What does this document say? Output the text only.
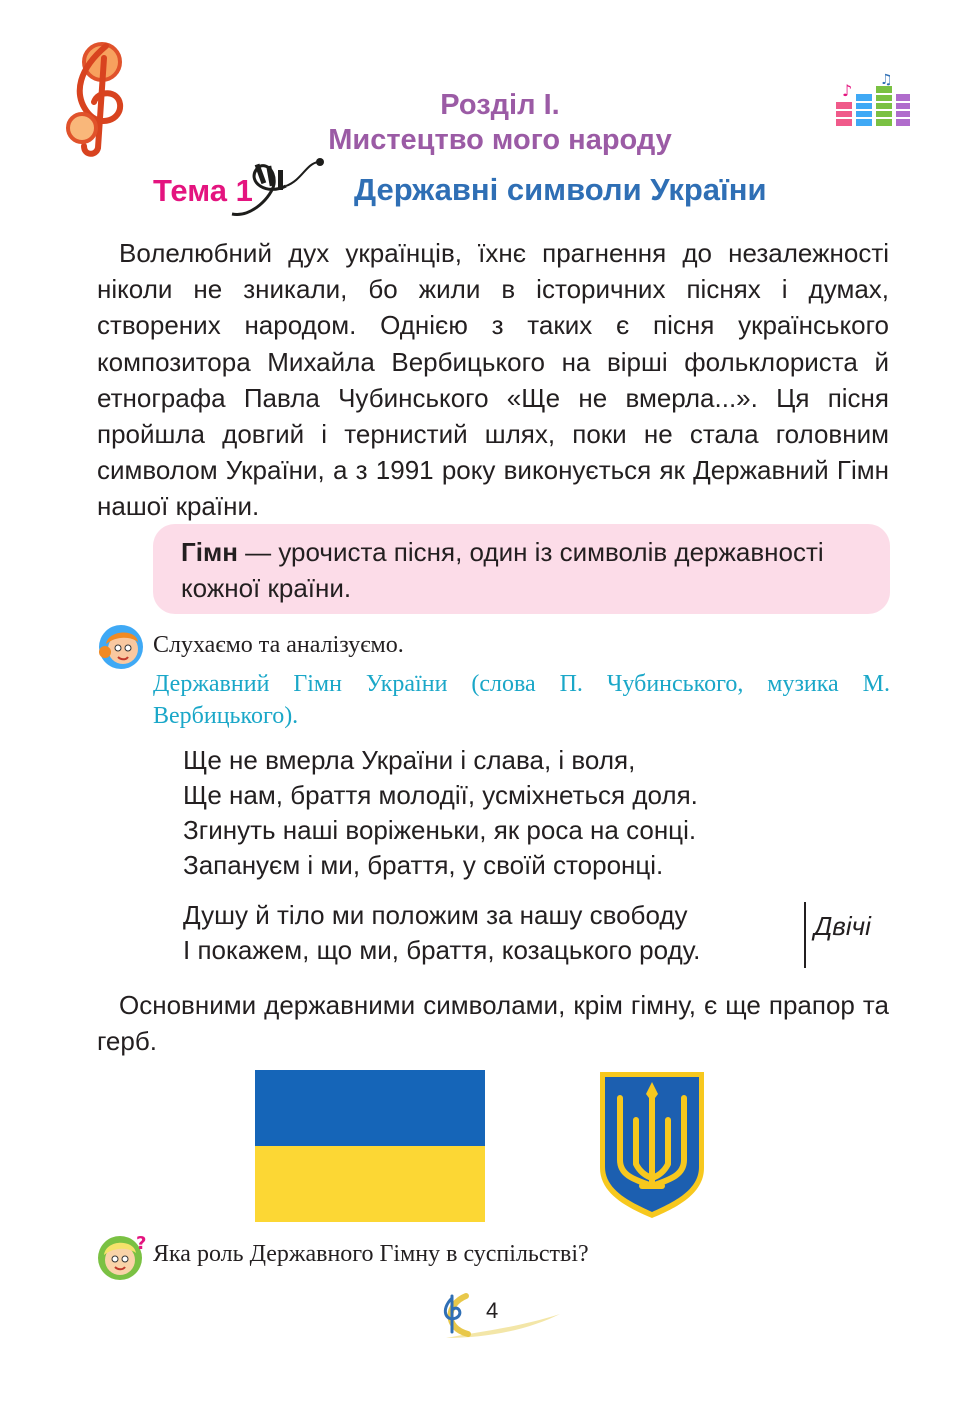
♪
♫
Розділ І.
Мистецтво мого народу
Тема 1	Державні символи України
Волелюбний дух українців, їхнє прагнення до незалежності ніколи не зникали, бо жили в історичних піснях і думах, створених народом. Однією з таких є пісня українського композитора Михайла Вербицького на вірші фольклориста й етнографа Павла Чубинського «Ще не вмерла...». Ця пісня пройшла довгий і тернистий шлях, поки не стала головним символом України, а з 1991 року виконується як Державний Гімн нашої країни.
Гімн — урочиста пісня, один із символів державності кожної країни.
Слухаємо та аналізуємо.
Державний Гімн України (слова П. Чубинського, музика М. Вербицького).
Ще не вмерла України і слава, і воля,
Ще нам, браття молодії, усміхнеться доля.
Згинуть наші воріженьки, як роса на сонці.
Запануєм і ми, браття, у своїй сторонці.
Душу й тіло ми положим за нашу свободу
І покажем, що ми, браття, козацького роду.
Двічі
Основними державними символами, крім гімну, є ще прапор та герб.
? Яка роль Державного Гімну в суспільстві?
4
